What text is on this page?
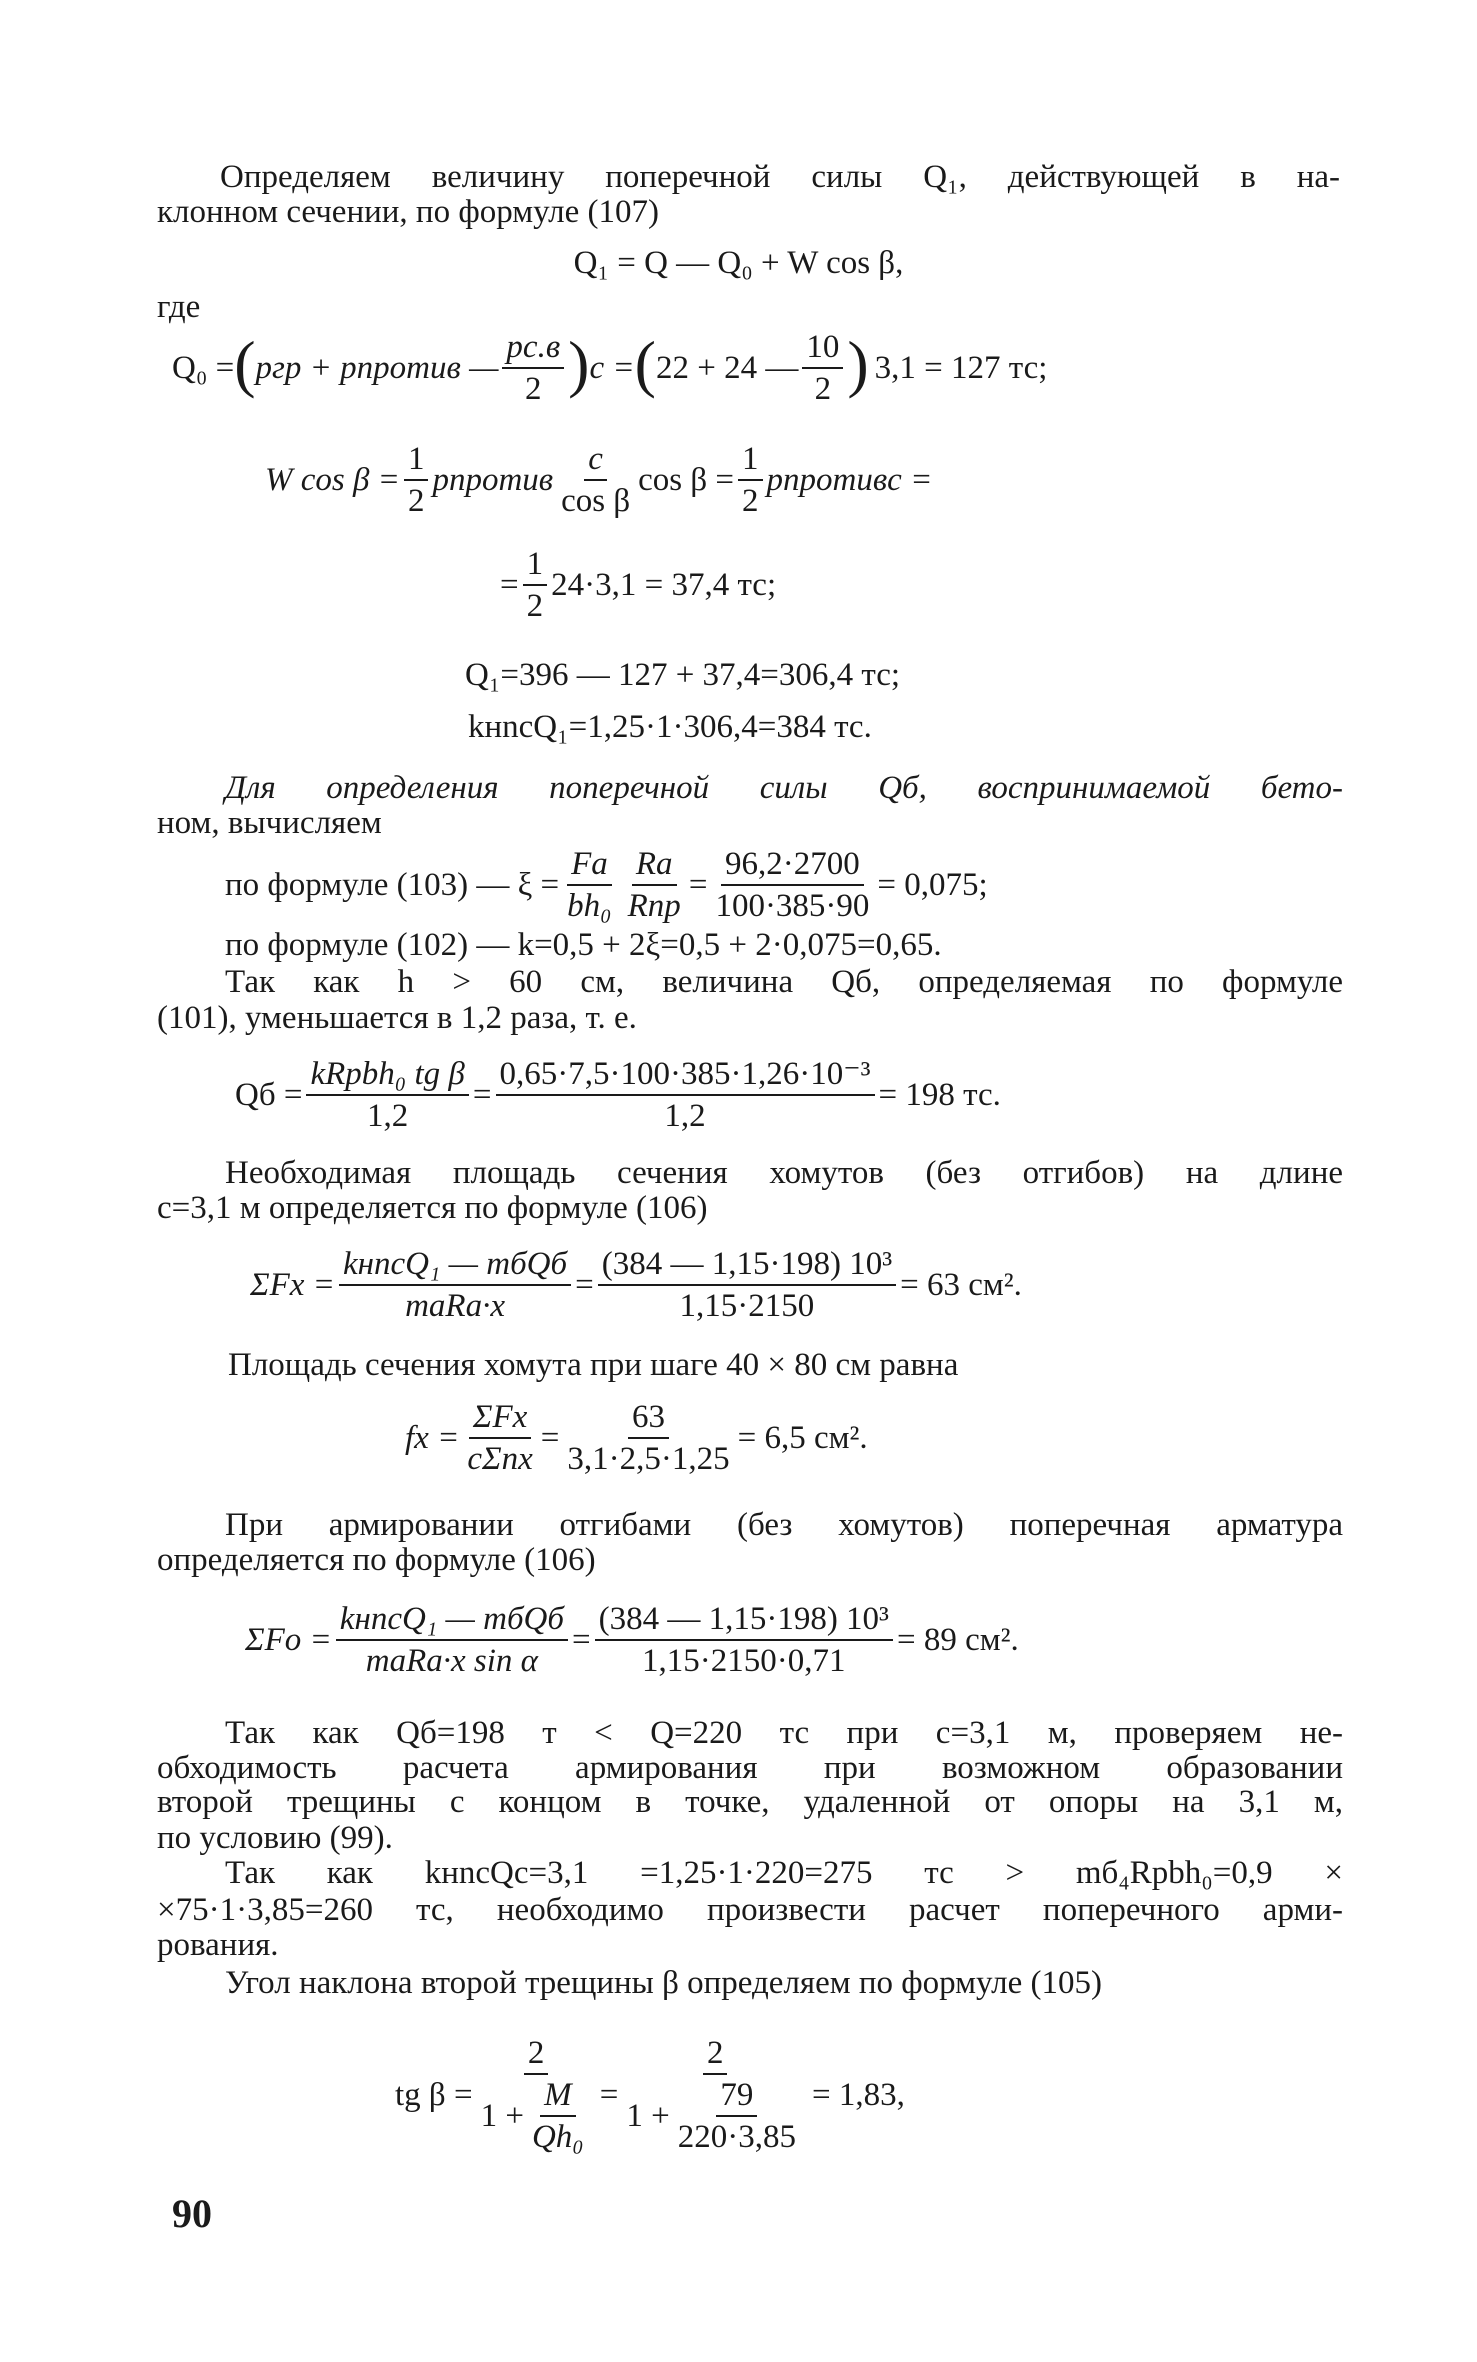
Определяем величину поперечной силы Q₁, действующей в на-
клонном сечении, по формуле (107)
Q₁ = Q — Q₀ + W cos β,
где
Q₀ = ( pгр + pпротив — $\frac{pс.в}{2}$ ) c = ( 22 + 24 — $\frac{10}{2}$ ) 3,1 = 127 тс;
W $\cos \beta = \frac{1}{2}$ pпротив $\frac{c}{\text{cos β}}$ $\cos \beta = \frac{1}{2}$ pпротивc =
= $\frac{1}{2} 24\cdot 3,1 = 37,4$ тс;
Q₁=396 — 127 + 37,4=306,4 тс;
kнncQ₁=1,25·1·306,4=384 тс.
Для определения поперечной силы Qб, воспринимаемой бето-
ном, вычисляем
по формуле (103) — $\xi = \frac{Fa}{\text{bh₀}} \frac{Ra}{\text{Rпр}} = \frac{96,2\cdot 2700}{100\cdot 385\cdot 90} = 0,075$;
по формуле (102) — k=0,5 + 2ξ=0,5 + 2·0,075=0,65.
Так как h > 60 см, величина Qб, определяемая по формуле
(101), уменьшается в 1,2 раза, т. е.
Qб = $\frac{\text{kRpbh₀ tg β}}{1,2} = \frac{\text{0,65·7,5·100·385·1,26·10⁻³}}{1,2} = 198$ тс.
Необходимая площадь сечения хомутов (без отгибов) на длине
c=3,1 м определяется по формуле (106)
$\Sigma Fx = \frac{\text{kнncQ₁ — mбQб}}{\text{maRa·x}} = \frac{\text{(384 — 1,15·198) 10³}}{1,15\cdot 2150} = 63$ см².
Площадь сечения хомута при шаге 40 × 80 см равна
fx = $\frac{\text{ΣFx}}{\text{cΣnx}} = \frac{63}{3,1\cdot 2,5\cdot 1,25} = 6,5$ см².
При армировании отгибами (без хомутов) поперечная арматура
определяется по формуле (106)
$\Sigma Fo = \frac{\text{kнncQ₁ — mбQб}}{\text{maRa·x sin α}} = \frac{\text{(384 — 1,15·198) 10³}}{1,15\cdot 2150\cdot 0,71} = 89$ см².
Так как Qб=198 т < Q=220 тс при c=3,1 м, проверяем не-
обходимость расчета армирования при возможном образовании
второй трещины с концом в точке, удаленной от опоры на 3,1 м,
по условию (99).
Так как kнncQc=3,1 =1,25·1·220=275 тс > mб₄Rpbh₀=0,9 ×
×75·1·3,85=260 тс, необходимо произвести расчет поперечного арми-
рования.
Угол наклона второй трещины β определяем по формуле (105)
tg $\beta = \frac{2}{1 + \frac{M}{\text{Qh₀}}} = \frac{2}{1 + \frac{79}{220\cdot 3,85}} = 1,83$,
90
